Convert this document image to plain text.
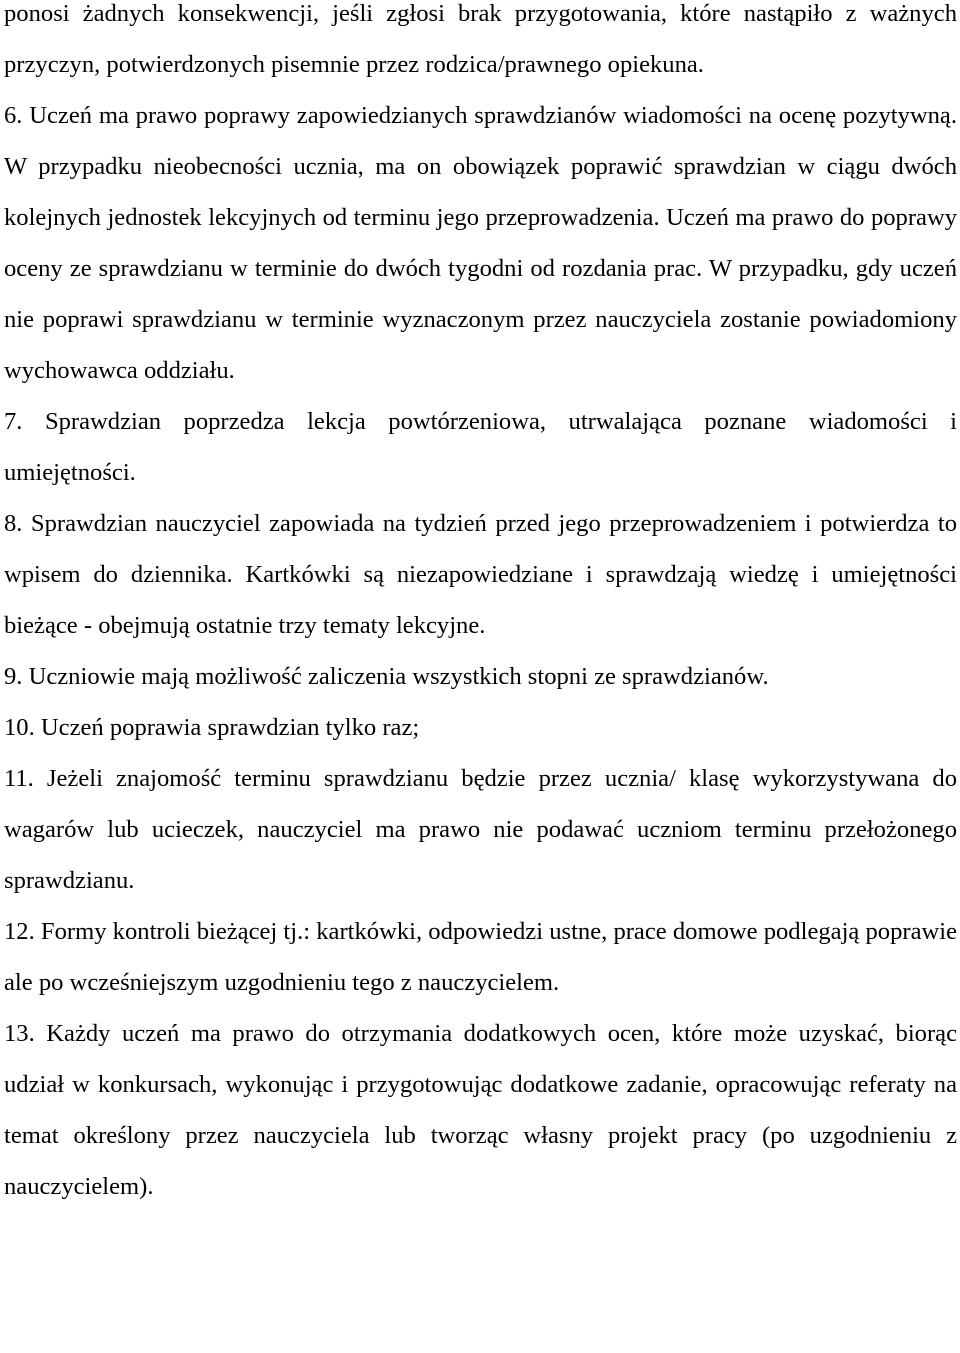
ponosi żadnych konsekwencji, jeśli zgłosi brak przygotowania, które nastąpiło z ważnych przyczyn, potwierdzonych pisemnie przez rodzica/prawnego opiekuna.

6. Uczeń ma prawo poprawy zapowiedzianych sprawdzianów wiadomości na ocenę pozytywną. W przypadku nieobecności ucznia, ma on obowiązek poprawić sprawdzian w ciągu dwóch kolejnych jednostek lekcyjnych od terminu jego przeprowadzenia. Uczeń ma prawo do poprawy oceny ze sprawdzianu w terminie do dwóch tygodni od rozdania prac. W przypadku, gdy uczeń nie poprawi sprawdzianu w terminie wyznaczonym przez nauczyciela zostanie powiadomiony wychowawca oddziału.

7. Sprawdzian poprzedza lekcja powtórzeniowa, utrwalająca poznane wiadomości i umiejętności.

8. Sprawdzian nauczyciel zapowiada na tydzień przed jego przeprowadzeniem i potwierdza to wpisem do dziennika. Kartkówki są niezapowiedziane i sprawdzają wiedzę i umiejętności bieżące - obejmują ostatnie trzy tematy lekcyjne.

9. Uczniowie mają możliwość zaliczenia wszystkich stopni ze sprawdzianów.

10. Uczeń poprawia sprawdzian tylko raz;

11. Jeżeli znajomość terminu sprawdzianu będzie przez ucznia/ klasę wykorzystywana do wagarów lub ucieczek, nauczyciel ma prawo nie podawać uczniom terminu przełożonego sprawdzianu.

12. Formy kontroli bieżącej tj.: kartkówki, odpowiedzi ustne, prace domowe podlegają poprawie ale po wcześniejszym uzgodnieniu tego z nauczycielem.

13. Każdy uczeń ma prawo do otrzymania dodatkowych ocen, które może uzyskać, biorąc udział w konkursach, wykonując i przygotowując dodatkowe zadanie, opracowując referaty na temat określony przez nauczyciela lub tworząc własny projekt pracy (po uzgodnieniu z nauczycielem).
